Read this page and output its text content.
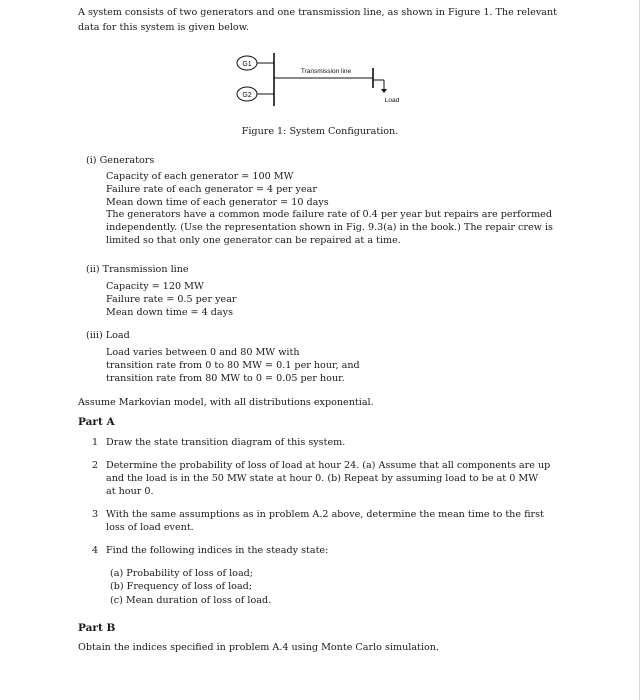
A system consists of two generators and one transmission line, as shown in Figure 1. The relevant
data for this system is given below.
G1
G2
Transmission line
Load
Figure 1: System Configuration.
(i) Generators
Capacity of each generator = 100 MW
Failure rate of each generator = 4 per year
Mean down time of each generator = 10 days
The generators have a common mode failure rate of 0.4 per year but repairs are performed
independently. (Use the representation shown in Fig. 9.3(a) in the book.) The repair crew is
limited so that only one generator can be repaired at a time.
(ii) Transmission line
Capacity = 120 MW
Failure rate = 0.5 per year
Mean down time = 4 days
(iii) Load
Load varies between 0 and 80 MW with
transition rate from 0 to 80 MW = 0.1 per hour, and
transition rate from 80 MW to 0 = 0.05 per hour.
Assume Markovian model, with all distributions exponential.
Part A
1 Draw the state transition diagram of this system.
2 Determine the probability of loss of load at hour 24. (a) Assume that all components are up
and the load is in the 50 MW state at hour 0. (b) Repeat by assuming load to be at 0 MW
at hour 0.
3 With the same assumptions as in problem A.2 above, determine the mean time to the first
loss of load event.
4 Find the following indices in the steady state:
(a) Probability of loss of load;
(b) Frequency of loss of load;
(c) Mean duration of loss of load.
Part B
Obtain the indices specified in problem A.4 using Monte Carlo simulation.
